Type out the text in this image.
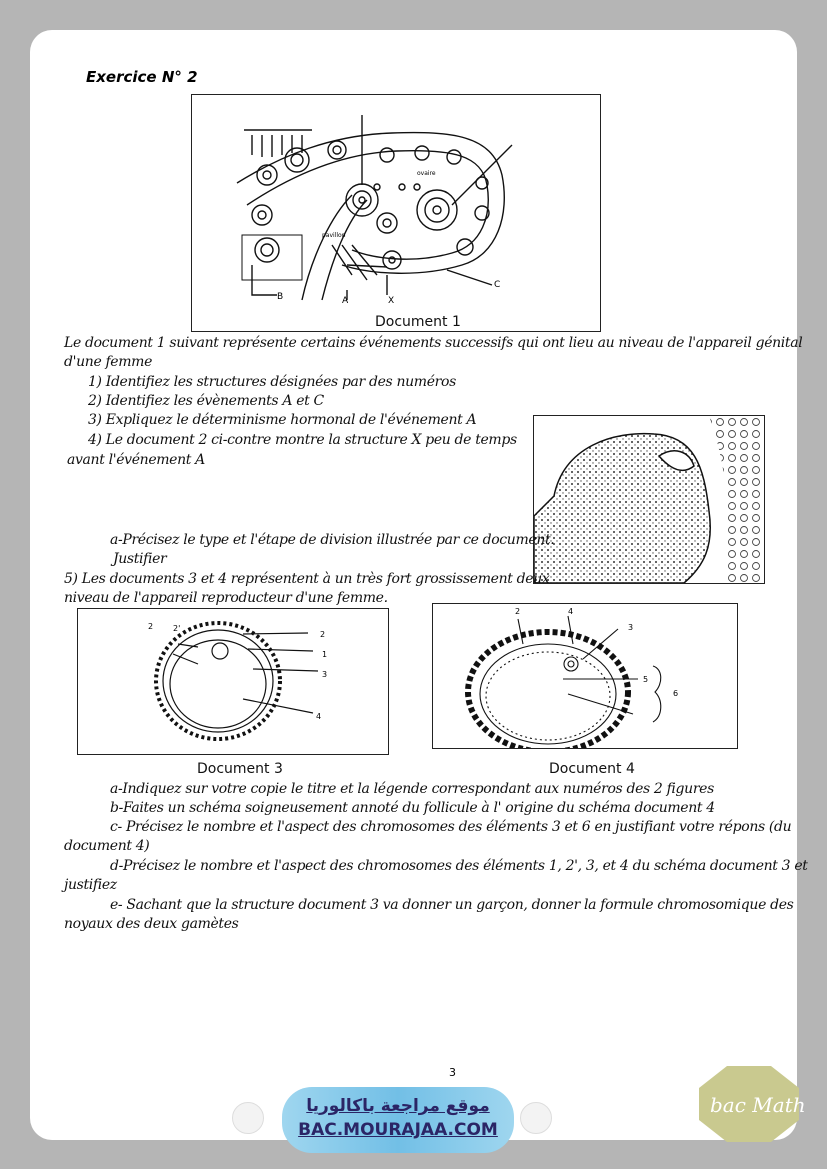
Exercice N° 2
B	A	X
C
ovaire
pavillon
Document 1
Le document 1 suivant représente certains événements successifs qui ont lieu au niveau de l'appareil génital
d'une femme
1) Identifiez les structures désignées par des numéros
2) Identifiez les évènements A et C
3) Expliquez le déterminisme hormonal de l'événement A
4) Le document 2 ci-contre montre la structure X peu de temps
avant l'événement A
a-Précisez le type et l'étape de division illustrée par ce document.
Justifier
5) Les documents 3 et 4 représentent à un très fort grossissement deux
niveau de l'appareil reproducteur d'une femme.
2 2'
2
1
3
4
Document 3
2	4
3
5
6
Document 4
a-Indiquez sur votre copie le titre et la légende correspondant aux numéros des 2 figures
b-Faites un schéma soigneusement annoté du follicule à l' origine du schéma document 4
c- Précisez le nombre et l'aspect des chromosomes des éléments 3 et 6 en justifiant votre répons (du
document 4)
d-Précisez le nombre et l'aspect des chromosomes des éléments 1, 2', 3, et 4 du schéma document 3 et
justifiez
e- Sachant que la structure document 3 va donner un garçon, donner la formule chromosomique des
noyaux des deux gamètes
3
موقع مراجعة باكالوريا
BAC.MOURAJAA.COM
bac Math
